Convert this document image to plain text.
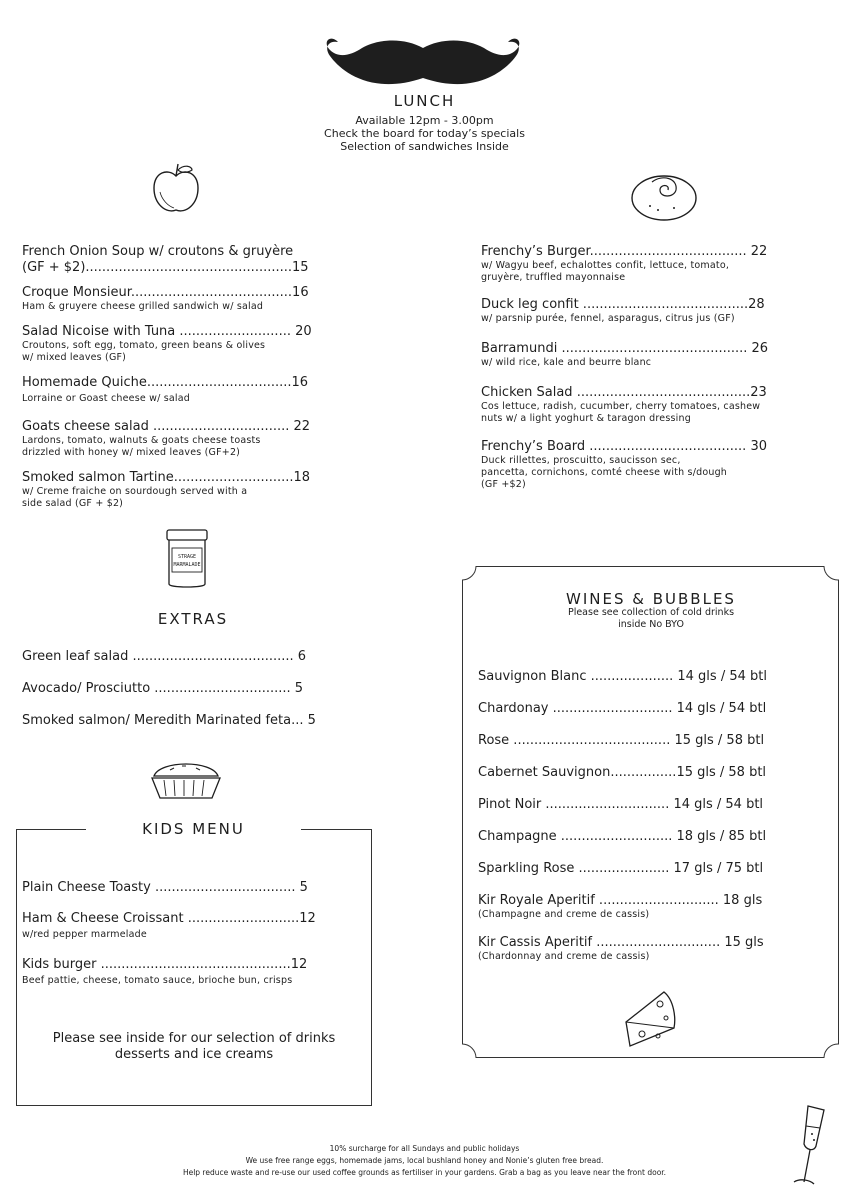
LUNCH
Available 12pm - 3.00pm
Check the board for today’s specials
Selection of sandwiches Inside
French Onion Soup w/ croutons & gruyère
(GF + $2)..................................................15
Croque Monsieur.......................................16
Ham & gruyere cheese grilled sandwich w/ salad
Salad Nicoise with Tuna ........................... 20
Croutons, soft egg, tomato, green beans & olives
w/ mixed leaves (GF)
Homemade Quiche...................................16
Lorraine or Goast cheese w/ salad
Goats cheese salad ................................. 22
Lardons, tomato, walnuts & goats cheese toasts
drizzled with honey w/ mixed leaves (GF+2)
Smoked salmon Tartine.............................18
w/ Creme fraiche on sourdough served with a
side salad (GF + $2)
Frenchy’s Burger...................................... 22
w/ Wagyu beef, echalottes confit, lettuce, tomato,
gruyère, truffled mayonnaise
Duck leg confit ........................................28
w/ parsnip purée, fennel, asparagus, citrus jus (GF)
Barramundi ............................................. 26
w/ wild rice, kale and beurre blanc
Chicken Salad ..........................................23
Cos lettuce, radish, cucumber, cherry tomatoes, cashew
nuts w/ a light yoghurt & taragon dressing
Frenchy’s Board ...................................... 30
Duck rillettes, proscuitto, saucisson sec,
pancetta, cornichons, comté cheese with s/dough
(GF +$2)
STRAGE
MARMALADE
EXTRAS
Green leaf salad ....................................... 6
Avocado/ Prosciutto ................................. 5
Smoked salmon/ Meredith Marinated feta... 5
KIDS MENU
Plain Cheese Toasty .................................. 5
Ham & Cheese Croissant ...........................12
w/red pepper marmelade
Kids burger ..............................................12
Beef pattie, cheese, tomato sauce, brioche bun, crisps
Please see inside for our selection of drinks
desserts and ice creams
WINES & BUBBLES
Please see collection of cold drinks
inside No BYO
Sauvignon Blanc .................... 14 gls / 54 btl
Chardonay ............................. 14 gls / 54 btl
Rose ...................................... 15 gls / 58 btl
Cabernet Sauvignon................15 gls / 58 btl
Pinot Noir .............................. 14 gls / 54 btl
Champagne ........................... 18 gls / 85 btl
Sparkling Rose ...................... 17 gls / 75 btl
Kir Royale Aperitif ............................. 18 gls
(Champagne and creme de cassis)
Kir Cassis Aperitif .............................. 15 gls
(Chardonnay and creme de cassis)
10% surcharge for all Sundays and public holidays
We use free range eggs, homemade jams, local bushland honey and Nonie’s gluten free bread.
Help reduce waste and re-use our used coffee grounds as fertiliser in your gardens. Grab a bag as you leave near the front door.
